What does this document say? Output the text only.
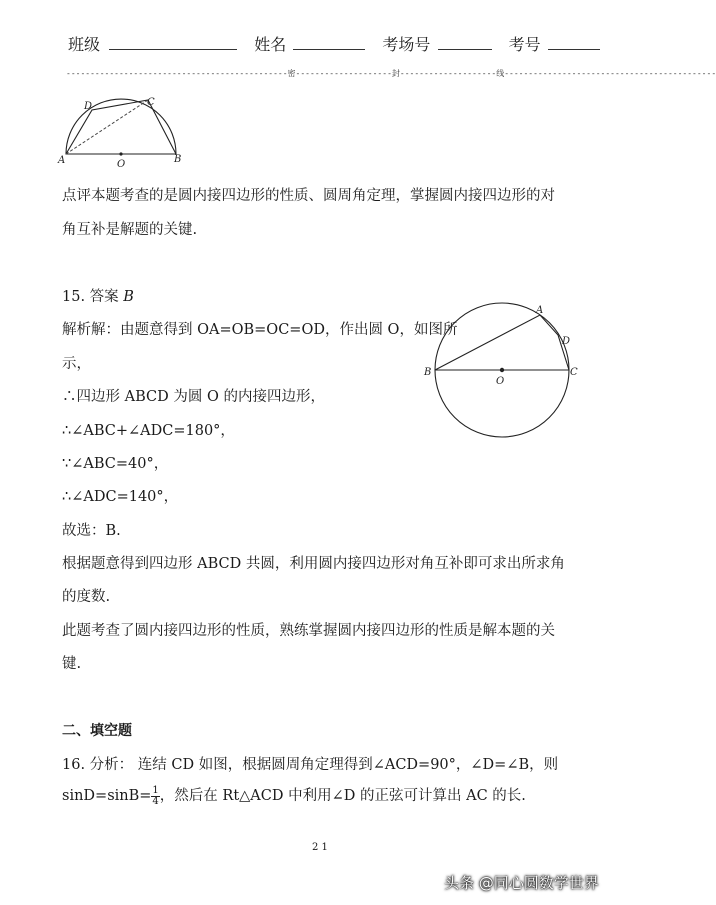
班级	姓名	考场号	考号
----------------------------------------------密--------------------封--------------------线--------------------------------------------
A	B
C
D
O
点评本题考查的是圆内接四边形的性质、圆周角定理，掌握圆内接四边形的对
角互补是解题的关键.
15. 答案 B
解析解：由题意得到 OA=OB=OC=OD，作出圆 O，如图所
示，
∴四边形 ABCD 为圆 O 的内接四边形，
∴∠ABC+∠ADC=180°，
∵∠ABC=40°，
∴∠ADC=140°，
故选：B.
根据题意得到四边形 ABCD 共圆，利用圆内接四边形对角互补即可求出所求角
的度数.
此题考查了圆内接四边形的性质，熟练掌握圆内接四边形的性质是解本题的关
键.
B	C
A
D
O
二、填空题
16. 分析： 连结 CD 如图，根据圆周角定理得到∠ACD=90°，∠D=∠B，则
$\sin D=\sin B= \frac{1}{4}$ ，然后在 Rt△ACD 中利用∠D 的正弦可计算出 AC 的长.
2 1
头条 @同心圆数学世界
